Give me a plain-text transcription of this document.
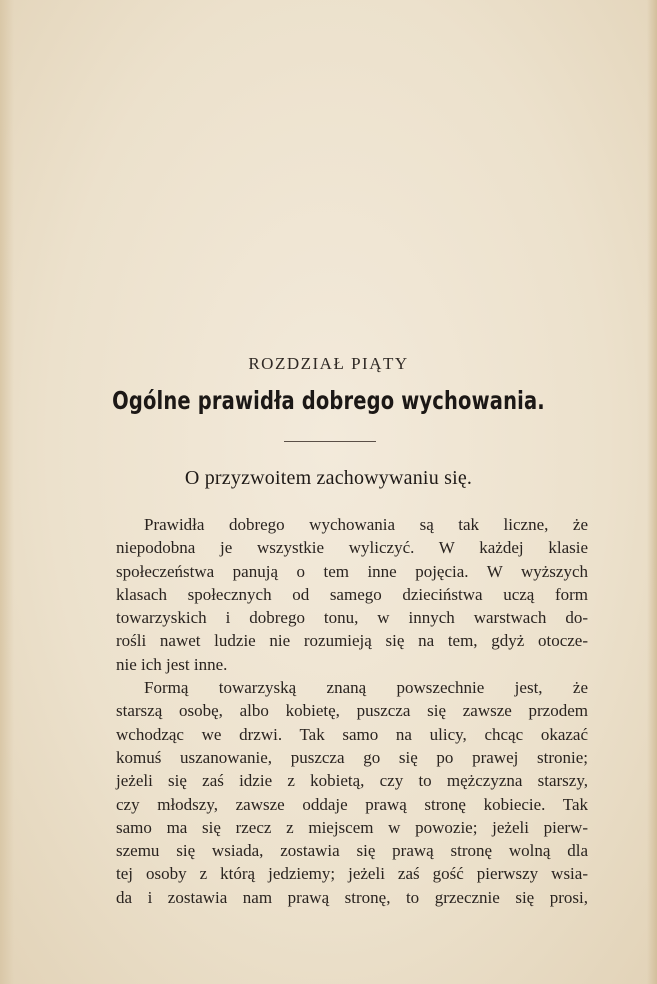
ROZDZIAŁ PIĄTY
Ogólne prawidła dobrego wychowania.
O przyzwoitem zachowywaniu się.
Prawidła dobrego wychowania są tak liczne, że
niepodobna je wszystkie wyliczyć. W każdej klasie
społeczeństwa panują o tem inne pojęcia. W wyższych
klasach społecznych od samego dzieciństwa uczą form
towarzyskich i dobrego tonu, w innych warstwach do-
rośli nawet ludzie nie rozumieją się na tem, gdyż otocze-
nie ich jest inne.
Formą towarzyską znaną powszechnie jest, że
starszą osobę, albo kobietę, puszcza się zawsze przodem
wchodząc we drzwi. Tak samo na ulicy, chcąc okazać
komuś uszanowanie, puszcza go się po prawej stronie;
jeżeli się zaś idzie z kobietą, czy to mężczyzna starszy,
czy młodszy, zawsze oddaje prawą stronę kobiecie. Tak
samo ma się rzecz z miejscem w powozie; jeżeli pierw-
szemu się wsiada, zostawia się prawą stronę wolną dla
tej osoby z którą jedziemy; jeżeli zaś gość pierwszy wsia-
da i zostawia nam prawą stronę, to grzecznie się prosi,
